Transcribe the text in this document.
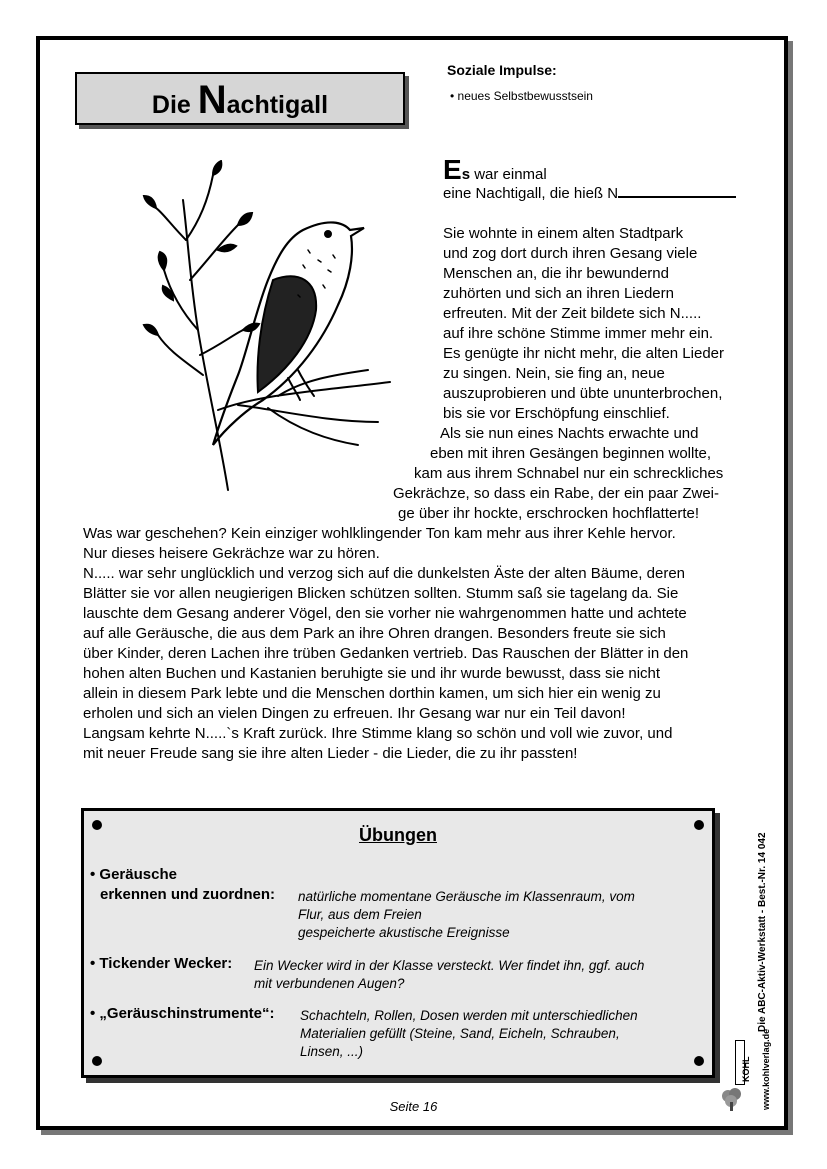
Die Nachtigall
Soziale Impulse:
• neues Selbstbewusstsein
Es war einmal
eine Nachtigall, die hieß N
Sie wohnte in einem alten Stadtpark
und zog dort durch ihren Gesang viele
Menschen an, die ihr bewundernd
zuhörten und sich an ihren Liedern
erfreuten. Mit der Zeit bildete sich N.....
auf ihre schöne Stimme immer mehr ein.
Es genügte ihr nicht mehr, die alten Lieder
zu singen. Nein, sie fing an, neue
auszuprobieren und übte ununterbrochen,
bis sie vor Erschöpfung einschlief.
Als sie nun eines Nachts erwachte und
eben mit ihren Gesängen beginnen wollte,
kam aus ihrem Schnabel nur ein schreckliches
Gekrächze, so dass ein Rabe, der ein paar Zwei-
ge über ihr hockte, erschrocken hochflatterte!
Was war geschehen? Kein einziger wohlklingender Ton kam mehr aus ihrer Kehle hervor.
Nur dieses heisere Gekrächze war zu hören.
N..... war sehr unglücklich und verzog sich auf die dunkelsten Äste der alten Bäume, deren
Blätter sie vor allen neugierigen Blicken schützen sollten. Stumm saß sie tagelang da. Sie
lauschte dem Gesang anderer Vögel, den sie vorher nie wahrgenommen hatte und achtete
auf alle Geräusche, die aus dem Park an ihre Ohren drangen. Besonders freute sie sich
über Kinder, deren Lachen ihre trüben Gedanken vertrieb. Das Rauschen der Blätter in den
hohen alten Buchen und Kastanien beruhigte sie und ihr wurde bewusst, dass sie nicht
allein in diesem Park lebte und die Menschen dorthin kamen, um sich hier ein wenig zu
erholen und sich an vielen Dingen zu erfreuen. Ihr Gesang war nur ein Teil davon!
Langsam kehrte N.....`s Kraft zurück. Ihre Stimme klang so schön und voll wie zuvor, und
mit neuer Freude sang sie ihre alten Lieder - die Lieder, die zu ihr passten!
Übungen
• Geräusche
erkennen und zuordnen: natürliche momentane Geräusche im Klassenraum, vom
Flur, aus dem Freien
gespeicherte akustische Ereignisse
• Tickender Wecker: Ein Wecker wird in der Klasse versteckt. Wer findet ihn, ggf. auch
mit verbundenen Augen?
• „Geräuschinstrumente“: Schachteln, Rollen, Dosen werden mit unterschiedlichen
Materialien gefüllt (Steine, Sand, Eicheln, Schrauben,
Linsen, ...)
Seite 16
Die ABC-Aktiv-Werkstatt - Best.-Nr. 14 042
www.kohlverlag.de
KOHL
